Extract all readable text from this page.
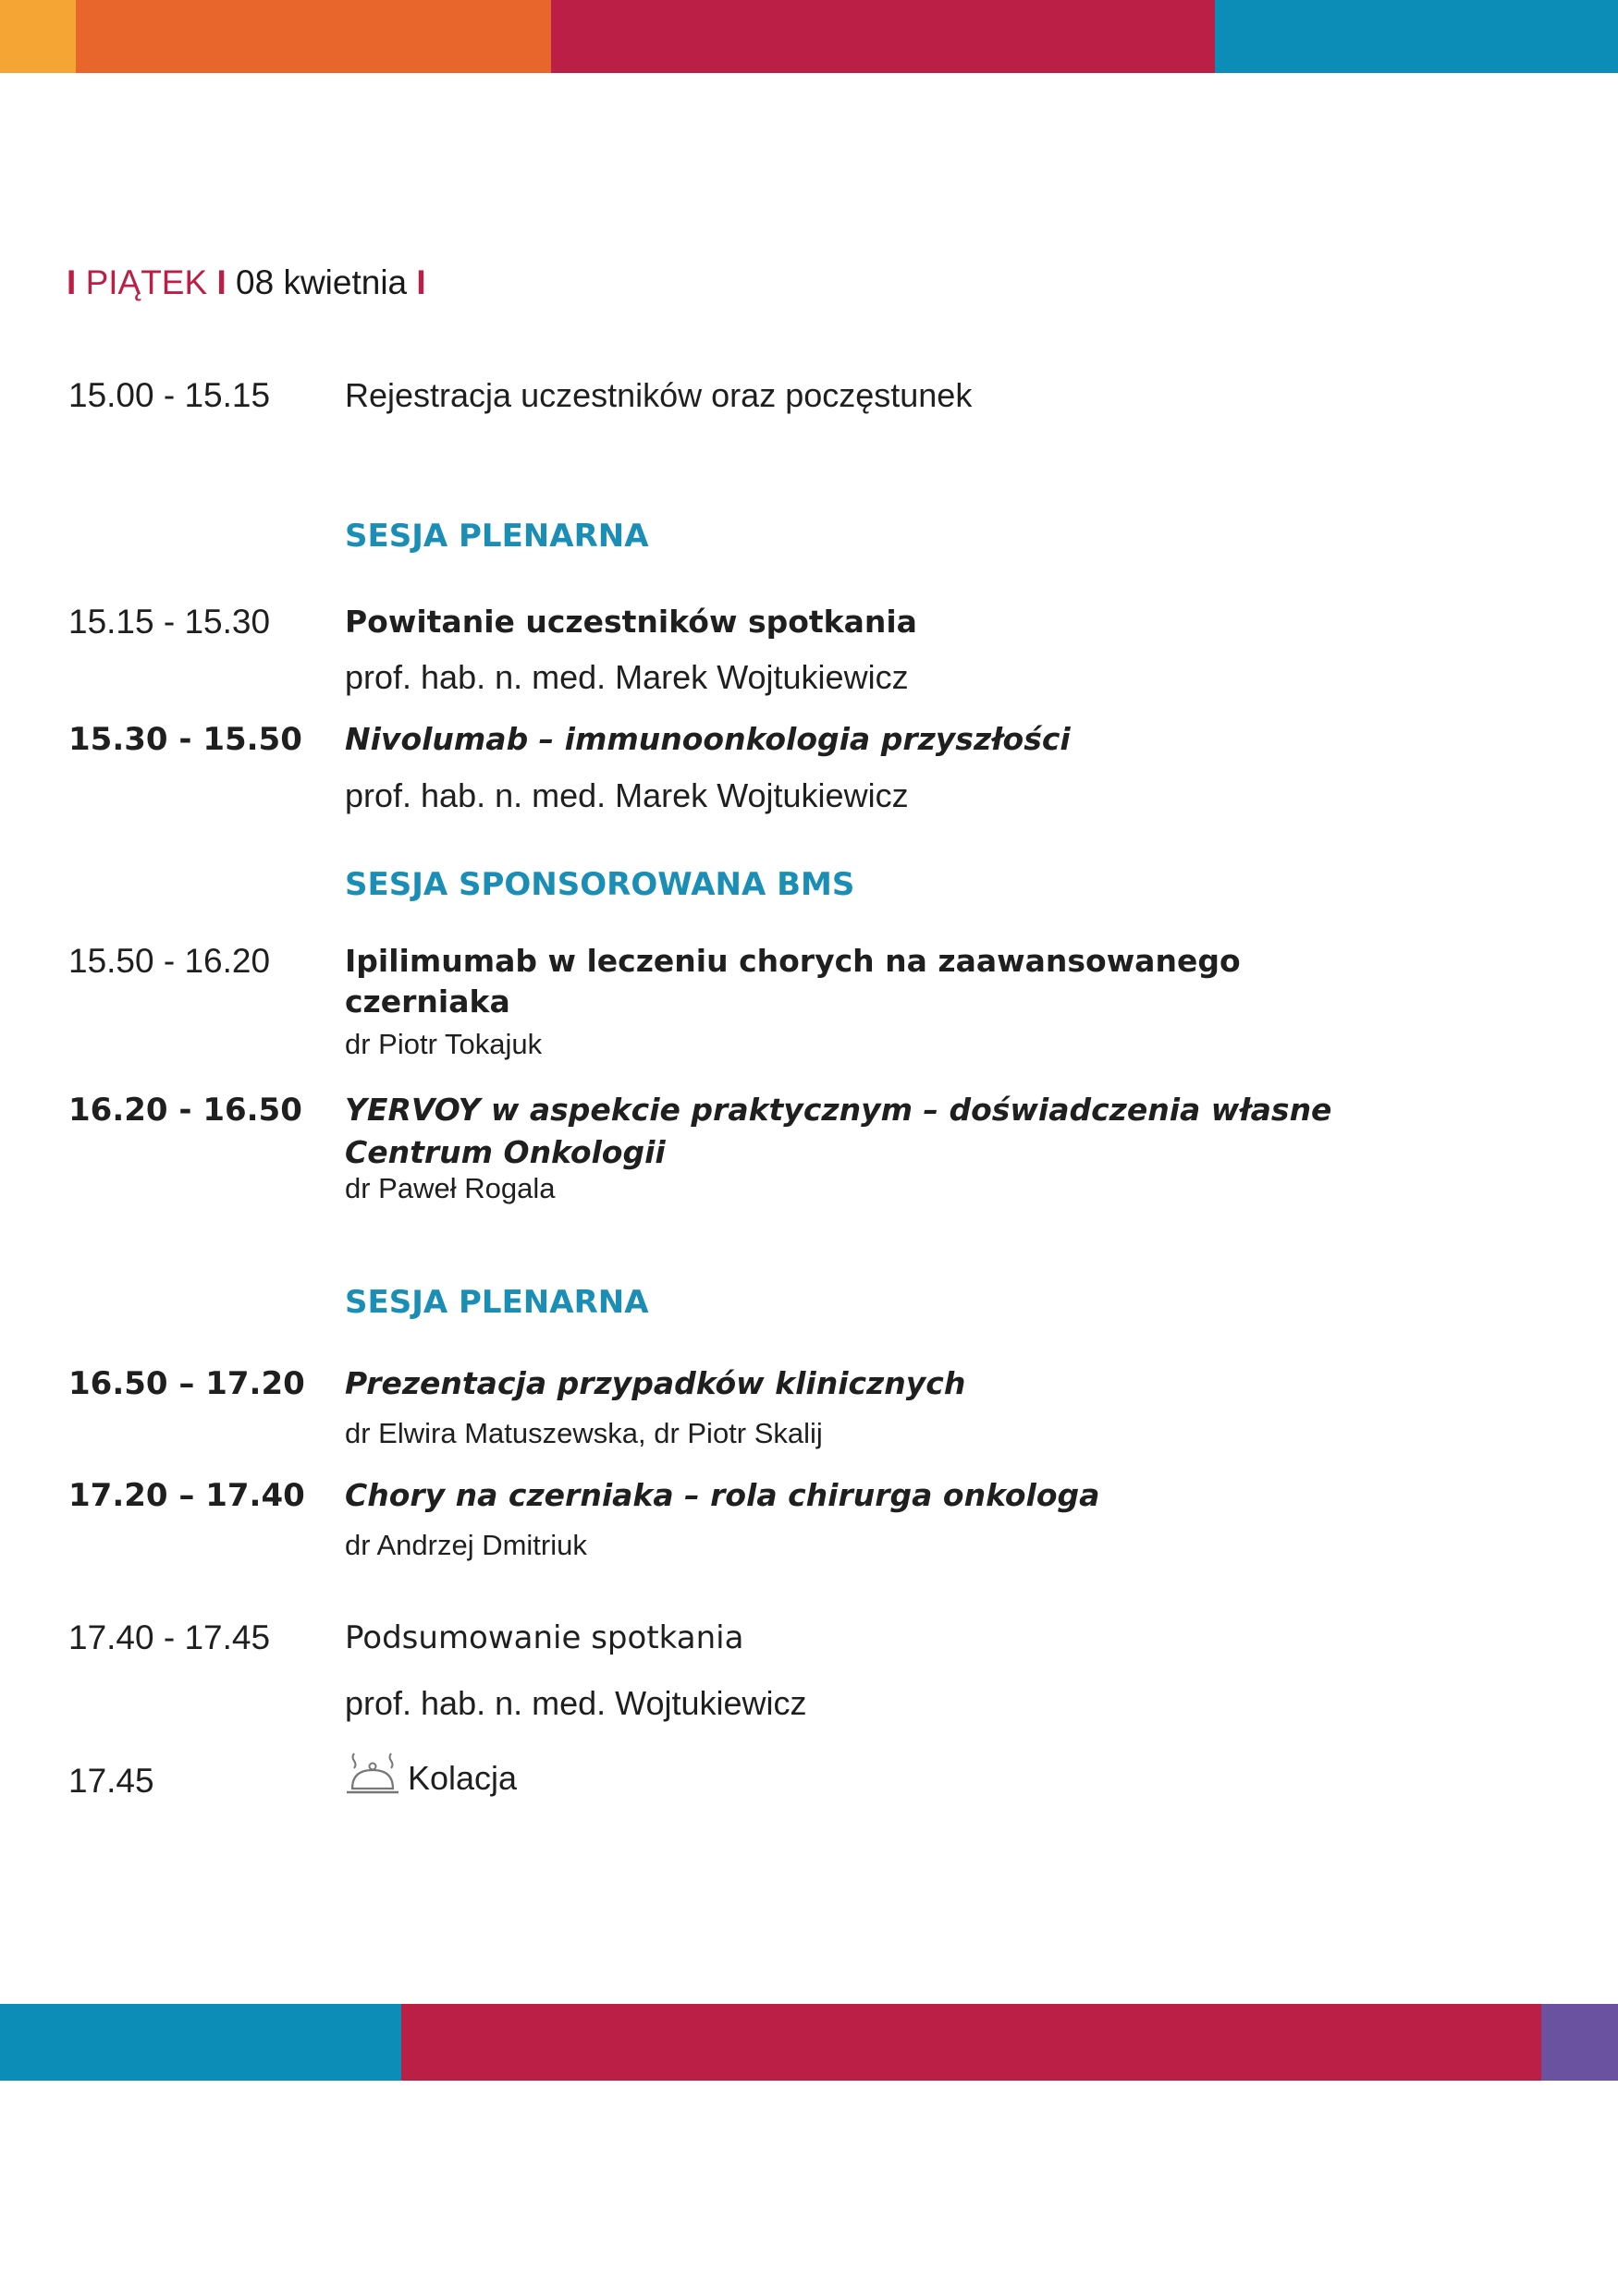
I PIĄTEK I 08 kwietnia I
15.00 - 15.15 Rejestracja uczestników oraz poczęstunek
SESJA PLENARNA
15.15 - 15.30 Powitanie uczestników spotkania
prof. hab. n. med. Marek Wojtukiewicz
15.30 - 15.50 Nivolumab – immunoonkologia przyszłości
prof. hab. n. med. Marek Wojtukiewicz
SESJA SPONSOROWANA BMS
15.50 - 16.20 Ipilimumab w leczeniu chorych na zaawansowanego
czerniaka
dr Piotr Tokajuk
16.20 - 16.50 YERVOY w aspekcie praktycznym – doświadczenia własne
Centrum Onkologii
dr Paweł Rogala
SESJA PLENARNA
16.50 – 17.20 Prezentacja przypadków klinicznych
dr Elwira Matuszewska, dr Piotr Skalij
17.20 – 17.40 Chory na czerniaka – rola chirurga onkologa
dr Andrzej Dmitriuk
17.40 - 17.45 Podsumowanie spotkania
prof. hab. n. med. Wojtukiewicz
17.45	Kolacja
